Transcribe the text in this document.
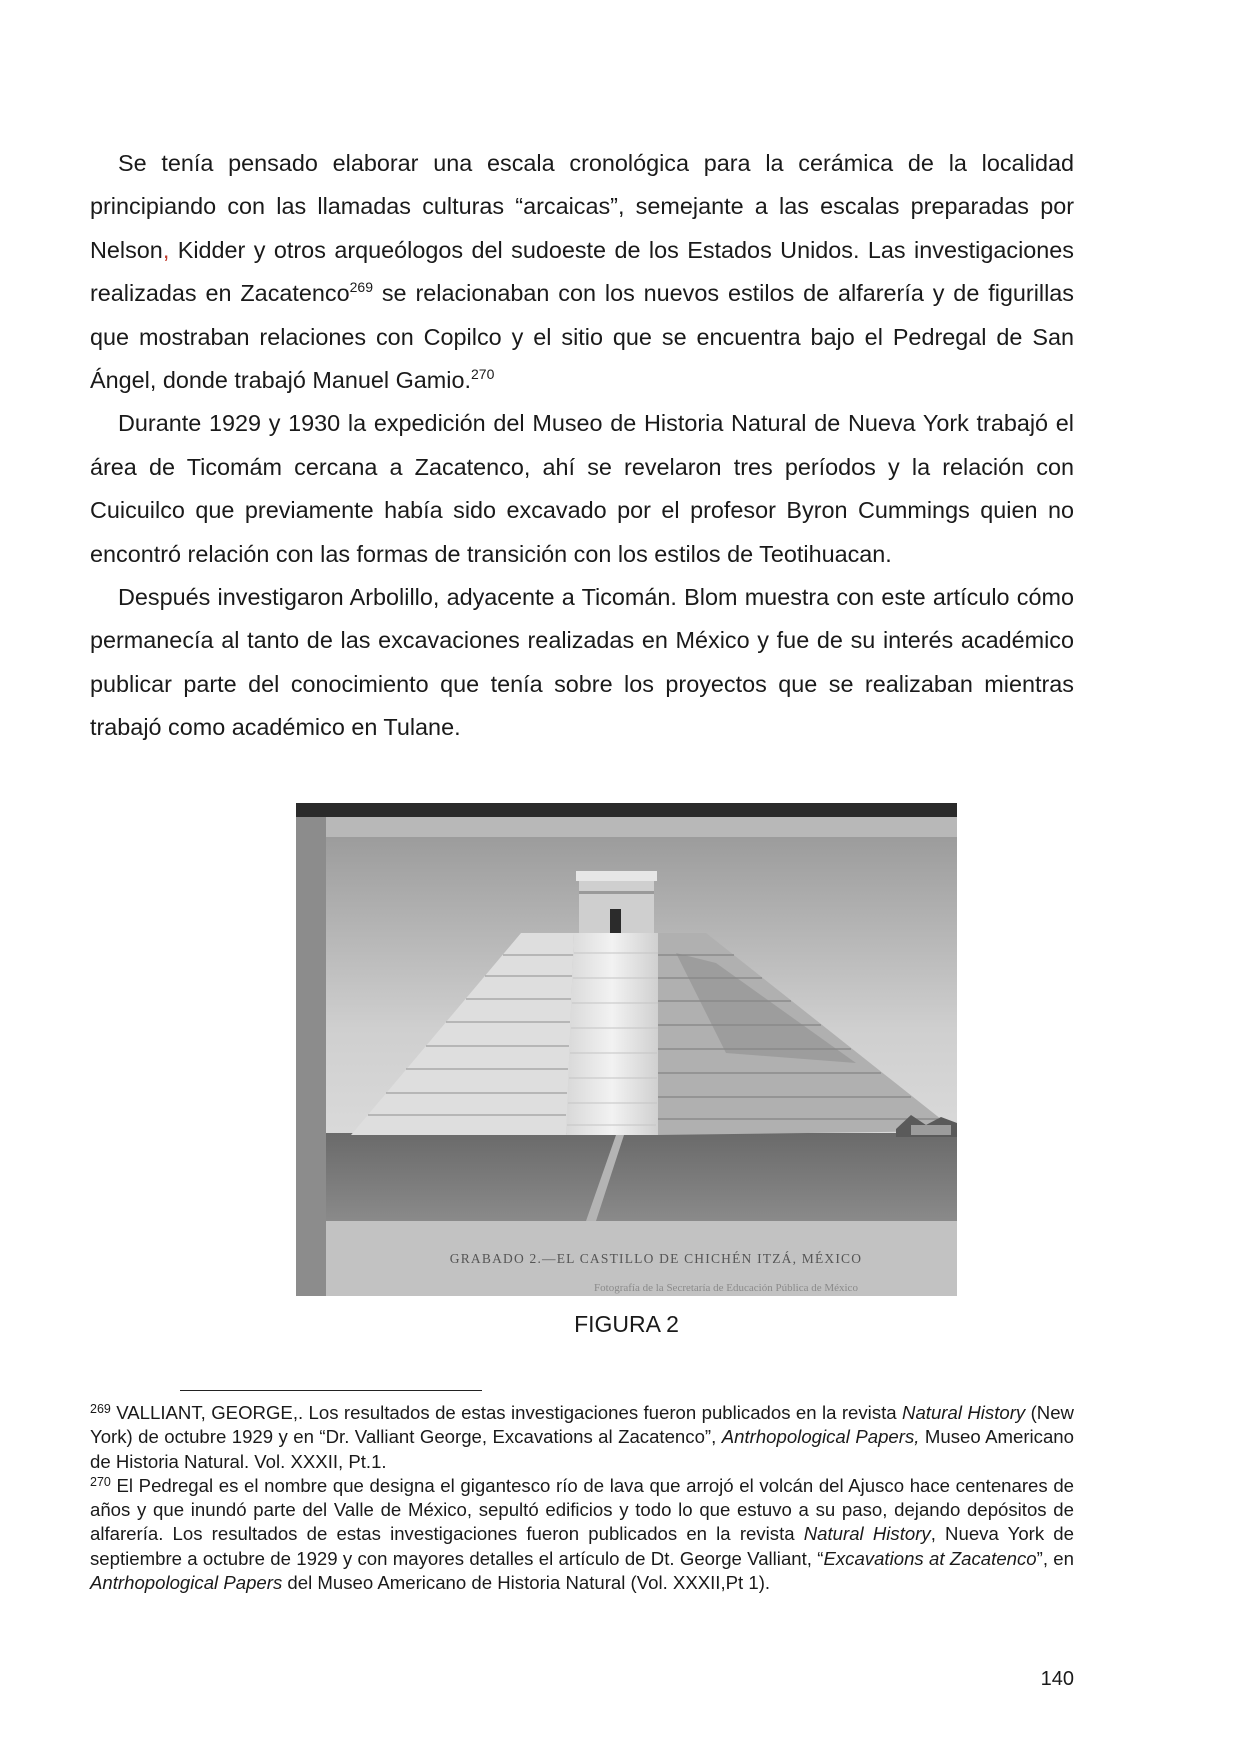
Se tenía pensado elaborar una escala cronológica para la cerámica de la localidad principiando con las llamadas culturas “arcaicas”, semejante a las escalas preparadas por Nelson, Kidder y otros arqueólogos del sudoeste de los Estados Unidos. Las investigaciones realizadas en Zacatenco$^{269}$ se relacionaban con los nuevos estilos de alfarería y de figurillas que mostraban relaciones con Copilco y el sitio que se encuentra bajo el Pedregal de San Ángel, donde trabajó Manuel Gamio.$^{270}$

Durante 1929 y 1930 la expedición del Museo de Historia Natural de Nueva York trabajó el área de Ticomám cercana a Zacatenco, ahí se revelaron tres períodos y la relación con Cuicuilco que previamente había sido excavado por el profesor Byron Cummings quien no encontró relación con las formas de transición con los estilos de Teotihuacan.

Después investigaron Arbolillo, adyacente a Ticomán. Blom muestra con este artículo cómo permanecía al tanto de las excavaciones realizadas en México y fue de su interés académico publicar parte del conocimiento que tenía sobre los proyectos que se realizaban mientras trabajó como académico en Tulane.

GRABADO 2.—EL CASTILLO DE CHICHÉN ITZÁ, MÉXICO
Fotografía de la Secretaría de Educación Pública de México
FIGURA 2

$^{269}$ VALLIANT, GEORGE,. Los resultados de estas investigaciones fueron publicados en la revista Natural History (New York) de octubre 1929 y en “Dr. Valliant George, Excavations al Zacatenco”, Antrhopological Papers, Museo Americano de Historia Natural. Vol. XXXII, Pt.1.

$^{270}$ El Pedregal es el nombre que designa el gigantesco río de lava que arrojó el volcán del Ajusco hace centenares de años y que inundó parte del Valle de México, sepultó edificios y todo lo que estuvo a su paso, dejando depósitos de alfarería. Los resultados de estas investigaciones fueron publicados en la revista Natural History, Nueva York de septiembre a octubre de 1929 y con mayores detalles el artículo de Dt. George Valliant, “Excavations at Zacatenco”, en Antrhopological Papers del Museo Americano de Historia Natural (Vol. XXXII,Pt 1).

140
